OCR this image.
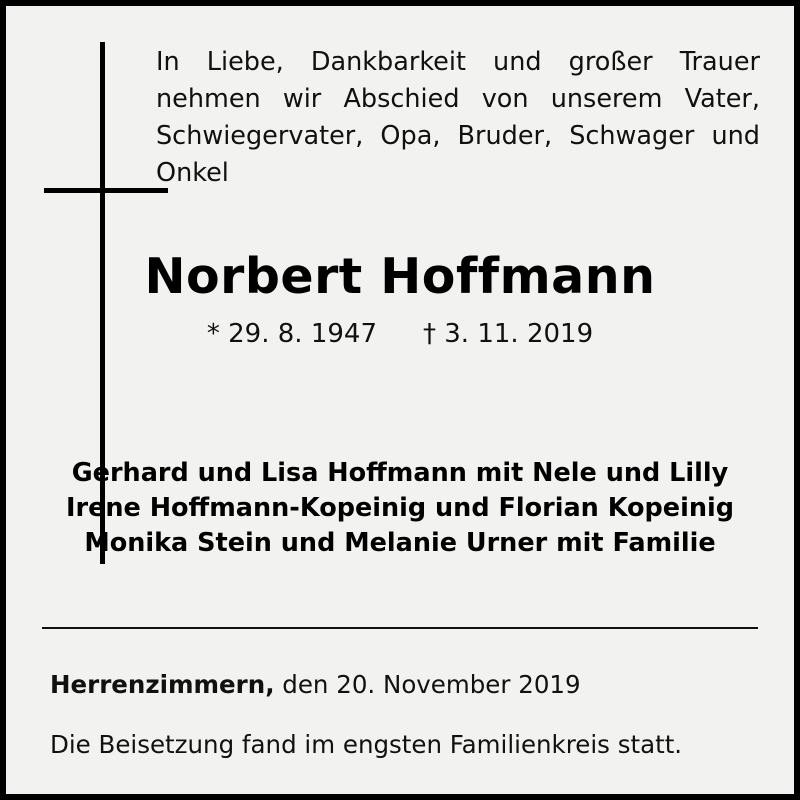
In Liebe, Dankbarkeit und großer Trauer nehmen wir Abschied von unserem Vater, Schwiegervater, Opa, Bruder, Schwager und Onkel
Norbert Hoffmann
* 29. 8. 1947 † 3. 11. 2019
Gerhard und Lisa Hoffmann mit Nele und Lilly
Irene Hoffmann-Kopeinig und Florian Kopeinig
Monika Stein und Melanie Urner mit Familie
Herrenzimmern, den 20. November 2019
Die Beisetzung fand im engsten Familienkreis statt.
